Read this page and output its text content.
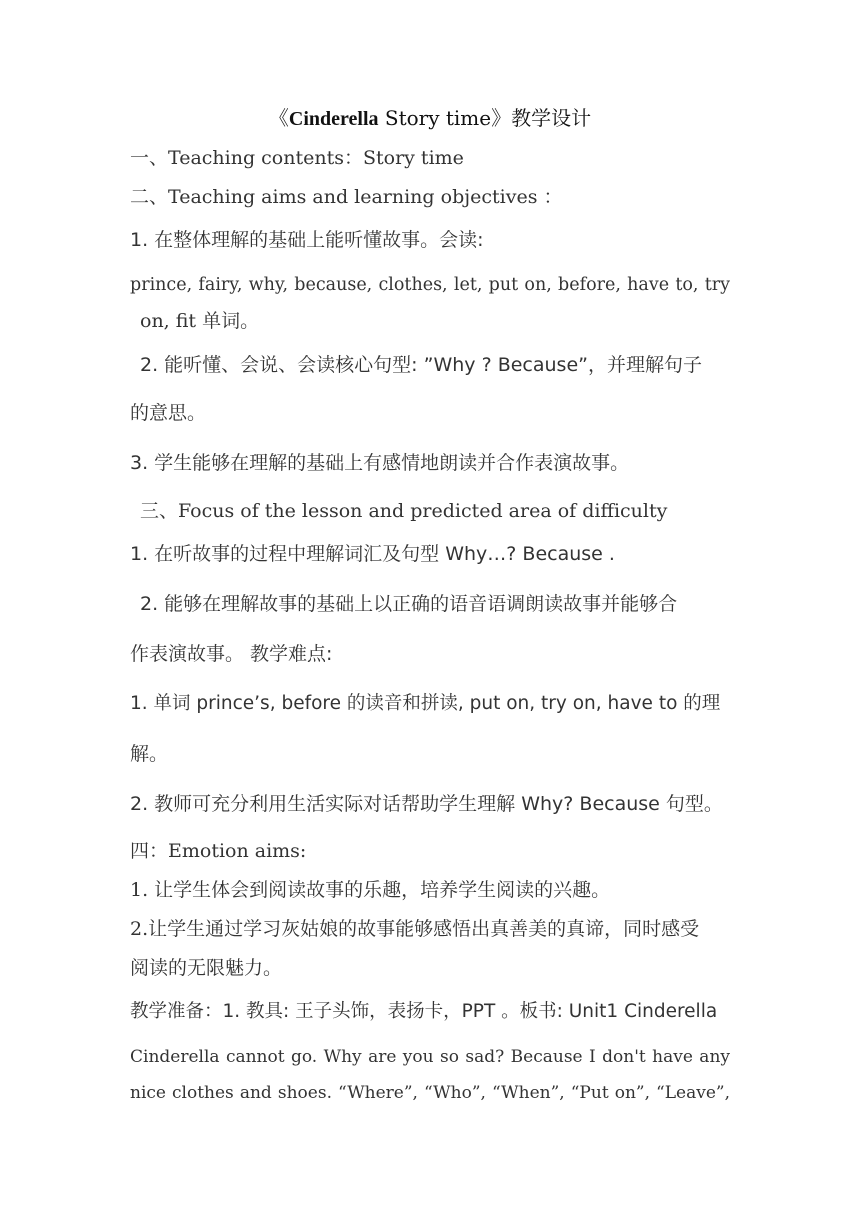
《Cinderella Story time》教学设计
一、Teaching contents：Story time
二、Teaching aims and learning objectives ：
1. 在整体理解的基础上能听懂故事。会读:
prince, fairy, why, because, clothes, let, put on, before, have to, try
on, fit 单词。
2. 能听懂、会说、会读核心句型: ”Why ? Because”，并理解句子
的意思。
3. 学生能够在理解的基础上有感情地朗读并合作表演故事。
三、Focus of the lesson and predicted area of difficulty
1. 在听故事的过程中理解词汇及句型 Why…? Because .
2. 能够在理解故事的基础上以正确的语音语调朗读故事并能够合
作表演故事。 教学难点:
1. 单词 prince’s, before 的读音和拼读, put on, try on, have to 的理
解。
2. 教师可充分利用生活实际对话帮助学生理解 Why? Because 句型。
四：Emotion aims:
1. 让学生体会到阅读故事的乐趣，培养学生阅读的兴趣。
2.让学生通过学习灰姑娘的故事能够感悟出真善美的真谛，同时感受
阅读的无限魅力。
教学准备：1. 教具: 王子头饰，表扬卡，PPT 。板书: Unit1 Cinderella
Cinderella cannot go. Why are you so sad? Because I don't have any
nice clothes and shoes. “Where”, “Who”, “When”, “Put on”, “Leave”,
